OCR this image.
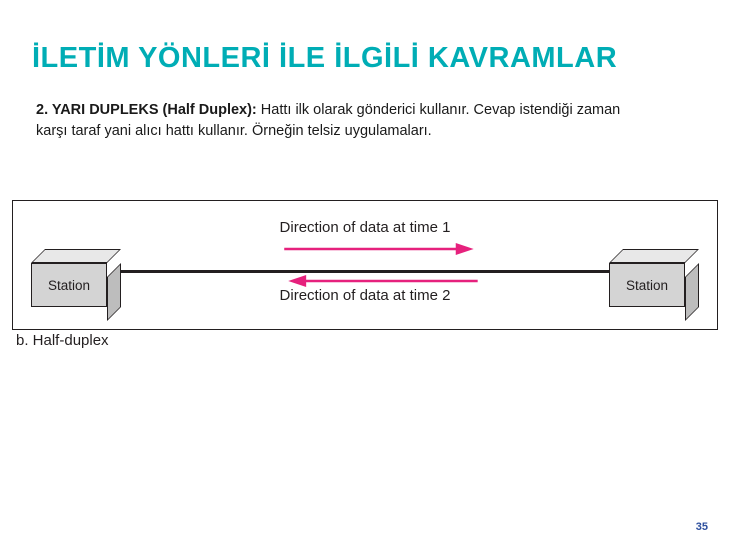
İLETİM YÖNLERİ İLE İLGİLİ KAVRAMLAR
2. YARI DUPLEKS (Half Duplex): Hattı ilk olarak gönderici kullanır. Cevap istendiği zaman karşı taraf yani alıcı hattı kullanır. Örneğin telsiz uygulamaları.
Station	Station
Direction of data at time 1
Direction of data at time 2
b. Half-duplex
35
